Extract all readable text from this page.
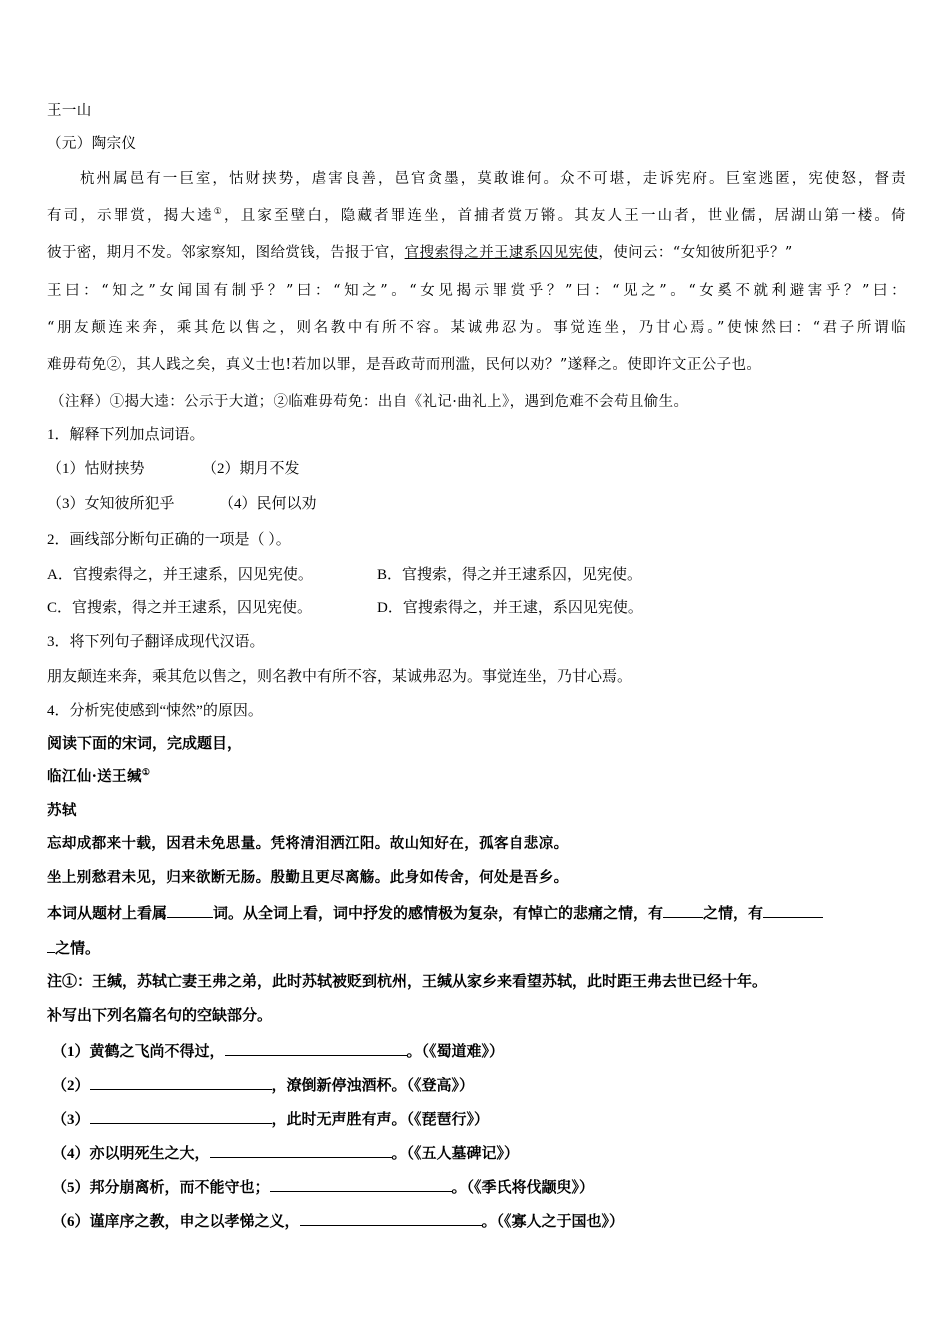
王一山
（元）陶宗仪
杭州属邑有一巨室，怙财挟势，虐害良善，邑官贪墨，莫敢谁何。众不可堪，走诉宪府。巨室逃匿，宪使怒，督责
有司，示罪赏，揭大逵①，且家至壁白，隐藏者罪连坐，首捕者赏万锵。其友人王一山者，世业儒，居湖山第一楼。倚
彼于密，期月不发。邻家察知，图给赏钱，告报于官，官搜索得之并王逮系囚见宪使，使问云：“女知彼所犯乎？”
王曰：“知之”女闻国有制乎？”曰：“知之”。“女见揭示罪赏乎？”曰：“见之”。“女奚不就利避害乎？”曰：
“朋友颠连来奔，乘其危以售之，则名教中有所不容。某诚弗忍为。事觉连坐，乃甘心焉。”使悚然曰：“君子所谓临
难毋苟免②，其人践之矣，真义士也!若加以罪，是吾政苛而刑滥，民何以劝？”遂释之。使即许文正公子也。
（注释）①揭大逵：公示于大道；②临难毋苟免：出自《礼记·曲礼上》，遇到危难不会苟且偷生。
1．解释下列加点词语。
（1）怙财挟势	（2）期月不发
（3）女知彼所犯乎	（4）民何以劝
2．画线部分断句正确的一项是（ ）。
A．官搜索得之，并王逮系，囚见宪使。	B．官搜索，得之并王逮系囚，见宪使。
C．官搜索，得之并王逮系，囚见宪使。	D．官搜索得之，并王逮，系囚见宪使。
3．将下列句子翻译成现代汉语。
朋友颠连来奔，乘其危以售之，则名教中有所不容，某诚弗忍为。事觉连坐，乃甘心焉。
4．分析宪使感到“悚然”的原因。
阅读下面的宋词，完成题目，
临江仙·送王缄①
苏轼
忘却成都来十载，因君未免思量。凭将清泪洒江阳。故山知好在，孤客自悲凉。
坐上别愁君未见，归来欲断无肠。殷勤且更尽离觞。此身如传舍，何处是吾乡。
本词从题材上看属	词。从全词上看，词中抒发的感情极为复杂，有悼亡的悲痛之情，有	之情，有
之情。
注①：王缄，苏轼亡妻王弗之弟，此时苏轼被贬到杭州，王缄从家乡来看望苏轼，此时距王弗去世已经十年。
补写出下列名篇名句的空缺部分。
（1）黄鹤之飞尚不得过，	。（《蜀道难》）
（2）	，潦倒新停浊酒杯。（《登高》）
（3）	，此时无声胜有声。（《琵琶行》）
（4）亦以明死生之大，	。（《五人墓碑记》）
（5）邦分崩离析，而不能守也；	。（《季氏将伐颛臾》）
（6）谨庠序之教，申之以孝悌之义，	。（《寡人之于国也》）
